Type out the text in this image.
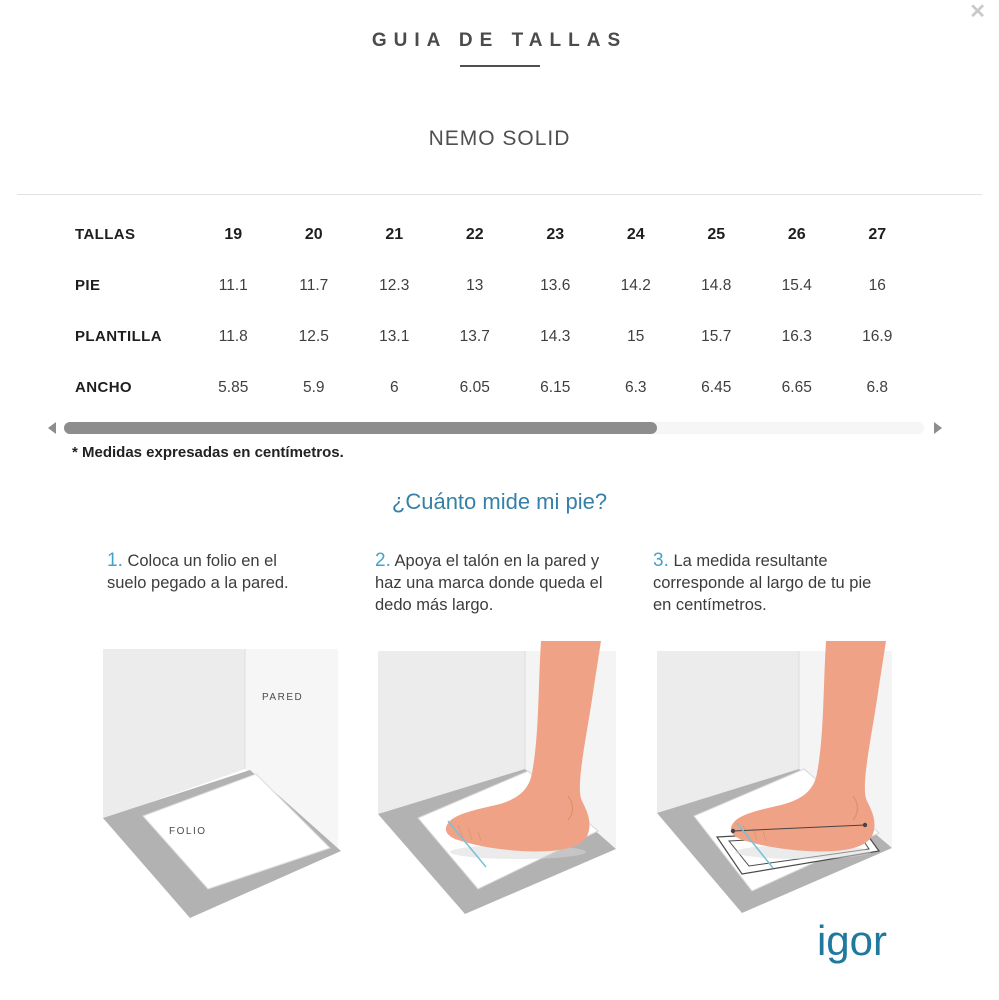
✕
GUIA DE TALLAS
NEMO SOLID
TALLAS	19	20	21	22	23	24	25	26	27
PIE	11.1	11.7	12.3	13	13.6	14.2	14.8	15.4	16
PLANTILLA	11.8	12.5	13.1	13.7	14.3	15	15.7	16.3	16.9
ANCHO	5.85	5.9	6	6.05	6.15	6.3	6.45	6.65	6.8
* Medidas expresadas en centímetros.
¿Cuánto mide mi pie?

1. Coloca un folio en el suelo pegado a la pared.

2. Apoya el talón en la pared y haz una marca donde queda el dedo más largo.

3. La medida resultante corresponde al largo de tu pie en centímetros.

PARED
FOLIO
igor
